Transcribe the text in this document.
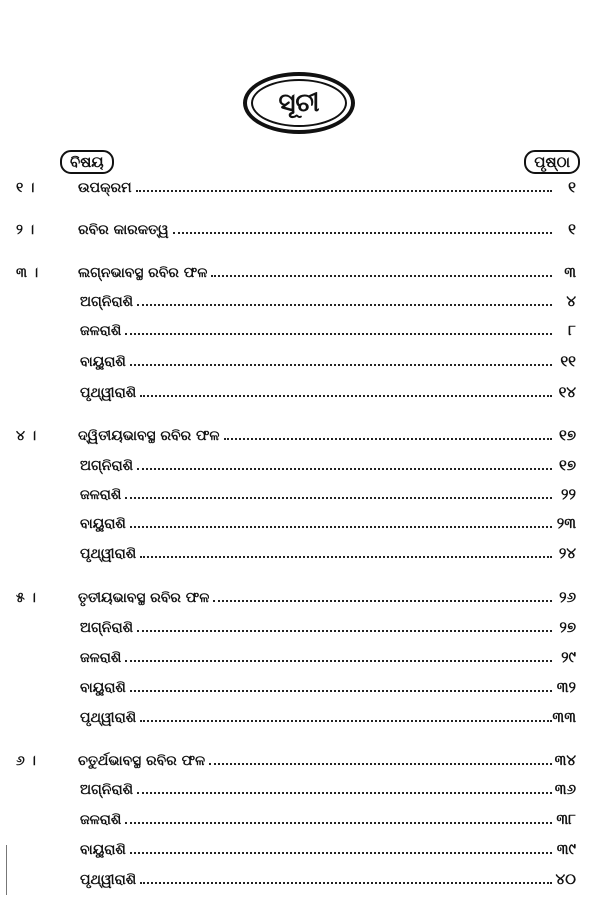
ସୂଚୀ
ବିଷୟ	ପୃଷ୍ଠା
୧ ।	ଉପକ୍ରମ	୧
୨ ।	ରବିର କାରକତ୍ୱ	୧
୩ ।	ଲଗ୍ନଭାବସ୍ଥ ରବିର ଫଳ	୩
ଅଗ୍ନିରାଶି	୪
ଜଳରାଶି	୮
ବାୟୁରାଶି	୧୧
ପୃଥ୍ୱୀରାଶି	୧୪
୪ ।	ଦ୍ୱିତୀୟଭାବସ୍ଥ ରବିର ଫଳ	୧୭
ଅଗ୍ନିରାଶି	୧୭
ଜଳରାଶି	୨୨
ବାୟୁରାଶି	୨୩
ପୃଥ୍ୱୀରାଶି	୨୪
୫ ।	ତୃତୀୟଭାବସ୍ଥ ରବିର ଫଳ	୨୬
ଅଗ୍ନିରାଶି	୨୭
ଜଳରାଶି	୨୯
ବାୟୁରାଶି	୩୨
ପୃଥ୍ୱୀରାଶି	୩୩
୬ ।	ଚତୁର୍ଥଭାବସ୍ଥ ରବିର ଫଳ	୩୪
ଅଗ୍ନିରାଶି	୩୬
ଜଳରାଶି	୩୮
ବାୟୁରାଶି	୩୯
ପୃଥ୍ୱୀରାଶି	୪୦
